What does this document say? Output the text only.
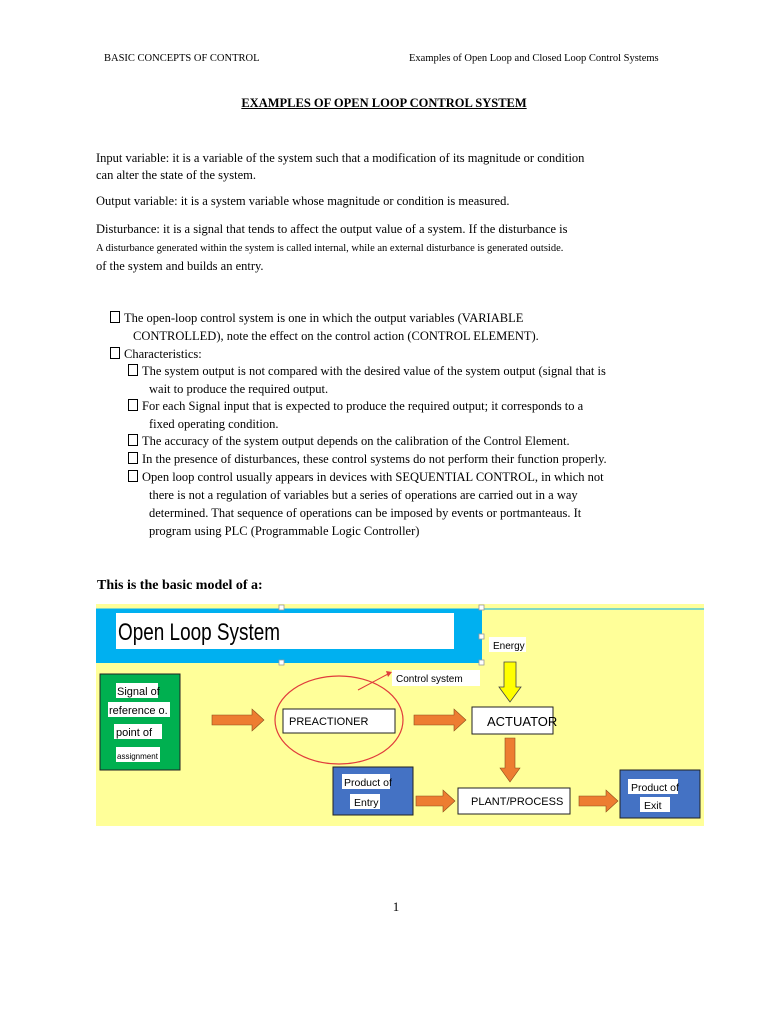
BASIC CONCEPTS OF CONTROL	Examples of Open Loop and Closed Loop Control Systems
EXAMPLES OF OPEN LOOP CONTROL SYSTEM
Input variable: it is a variable of the system such that a modification of its magnitude or condition
can alter the state of the system.
Output variable: it is a system variable whose magnitude or condition is measured.
Disturbance: it is a signal that tends to affect the output value of a system. If the disturbance is
A disturbance generated within the system is called internal, while an external disturbance is generated outside.
of the system and builds an entry.
The open-loop control system is one in which the output variables (VARIABLE
CONTROLLED), note the effect on the control action (CONTROL ELEMENT).
Characteristics:
The system output is not compared with the desired value of the system output (signal that is
wait to produce the required output.
For each Signal input that is expected to produce the required output; it corresponds to a
fixed operating condition.
The accuracy of the system output depends on the calibration of the Control Element.
In the presence of disturbances, these control systems do not perform their function properly.
Open loop control usually appears in devices with SEQUENTIAL CONTROL, in which not
there is not a regulation of variables but a series of operations are carried out in a way
determined. That sequence of operations can be imposed by events or portmanteaus. It
program using PLC (Programmable Logic Controller)
This is the basic model of a:
Open Loop System
Energy
Control system
Signal of
reference o.
point of
assignment
PREACTIONER	ACTUATOR
Product of
Entry	PLANT/PROCESS
Product of
Exit
1
